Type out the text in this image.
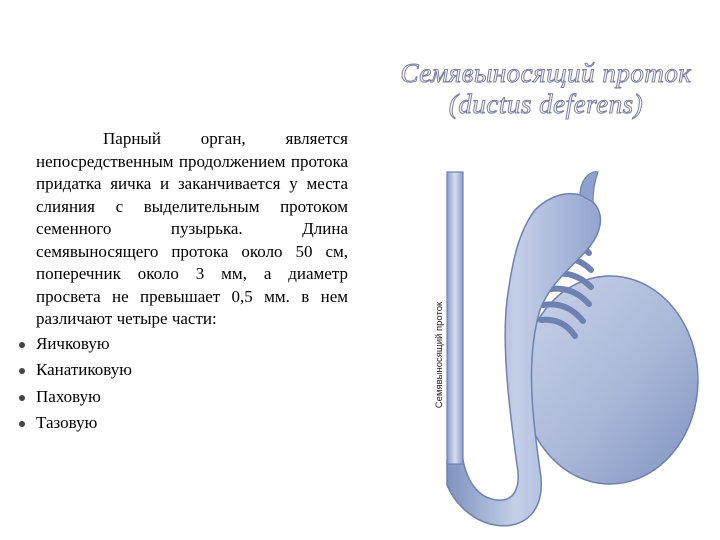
Семявыносящий проток
(ductus deferens)

Парный орган, является непосредственным продолжением протока придатка яичка и заканчивается у места слияния с выделительным протоком семенного пузырька. Длина семявыносящего протока около 50 см, поперечник около 3 мм, а диаметр просвета не превышает 0,5 мм. в нем различают четыре части:

Яичковую
Канатиковую
Паховую
Тазовую
Семявыносящий проток
